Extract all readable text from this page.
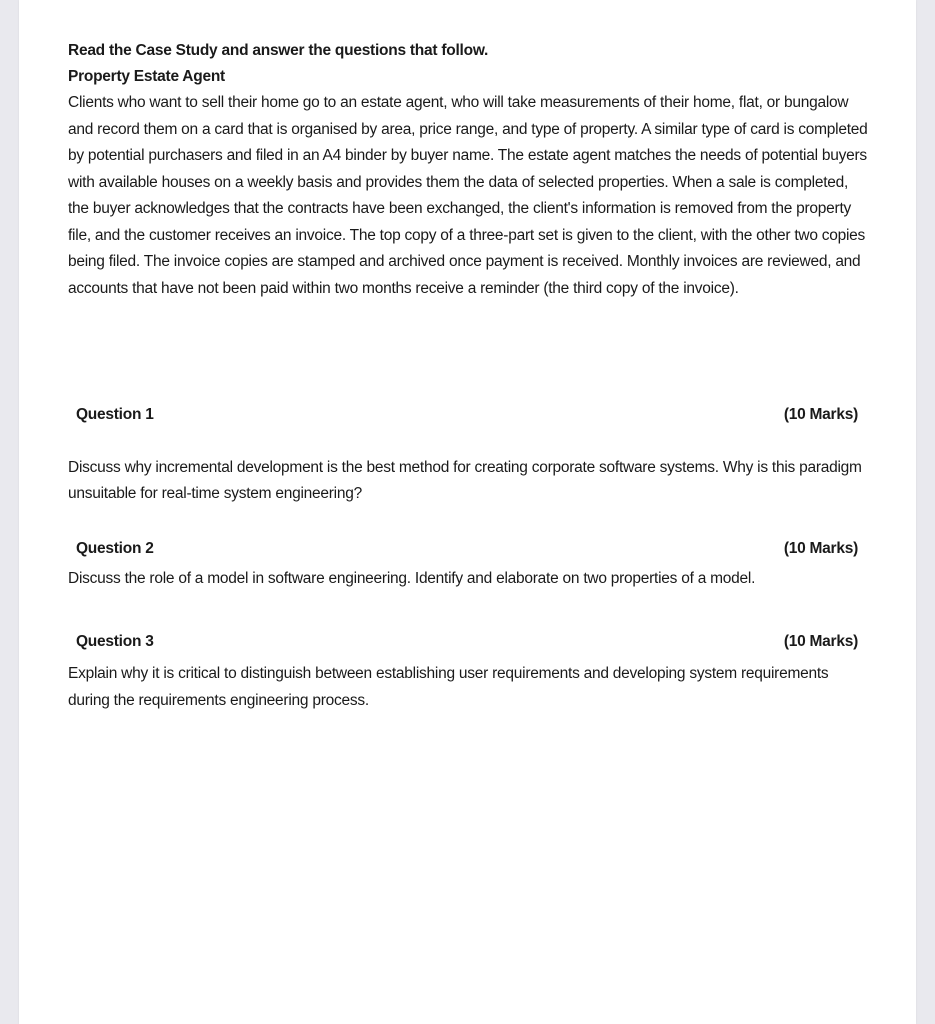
Read the Case Study and answer the questions that follow.
Property Estate Agent

Clients who want to sell their home go to an estate agent, who will take measurements of their home, flat, or bungalow and record them on a card that is organised by area, price range, and type of property. A similar type of card is completed by potential purchasers and filed in an A4 binder by buyer name. The estate agent matches the needs of potential buyers with available houses on a weekly basis and provides them the data of selected properties. When a sale is completed, the buyer acknowledges that the contracts have been exchanged, the client's information is removed from the property file, and the customer receives an invoice. The top copy of a three-part set is given to the client, with the other two copies being filed. The invoice copies are stamped and archived once payment is received. Monthly invoices are reviewed, and accounts that have not been paid within two months receive a reminder (the third copy of the invoice).

Question 1	(10 Marks)

Discuss why incremental development is the best method for creating corporate software systems. Why is this paradigm unsuitable for real-time system engineering?

Question 2	(10 Marks)

Discuss the role of a model in software engineering. Identify and elaborate on two properties of a model.

Question 3	(10 Marks)

Explain why it is critical to distinguish between establishing user requirements and developing system requirements during the requirements engineering process.
